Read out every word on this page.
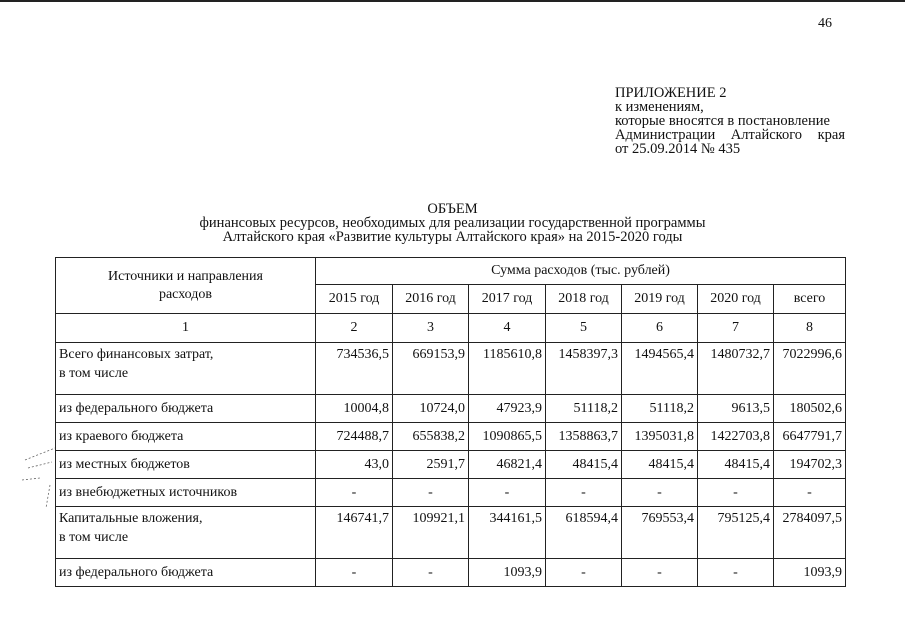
46
ПРИЛОЖЕНИЕ 2
к изменениям,
которые вносятся в постановление
Администрации Алтайского края
от 25.09.2014 № 435
ОБЪЕМ
финансовых ресурсов, необходимых для реализации государственной программы
Алтайского края «Развитие культуры Алтайского края» на 2015-2020 годы
Источники и направления расходов	Сумма расходов (тыс. рублей)						
	2015 год	2016 год	2017 год	2018 год	2019 год	2020 год	всего
1	2	3	4	5	6	7	8

Всего финансовых затрат,
в том числе	734536,5	669153,9	1185610,8	1458397,3	1494565,4	1480732,7	7022996,6

из федерального бюджета	10004,8	10724,0	47923,9	51118,2	51118,2	9613,5	180502,6

из краевого бюджета	724488,7	655838,2	1090865,5	1358863,7	1395031,8	1422703,8	6647791,7

из местных бюджетов	43,0	2591,7	46821,4	48415,4	48415,4	48415,4	194702,3

из внебюджетных источников	-	-	-	-	-	-	-

Капитальные вложения,
в том числе	146741,7	109921,1	344161,5	618594,4	769553,4	795125,4	2784097,5

из федерального бюджета	-	-	1093,9	-	-	-	1093,9
